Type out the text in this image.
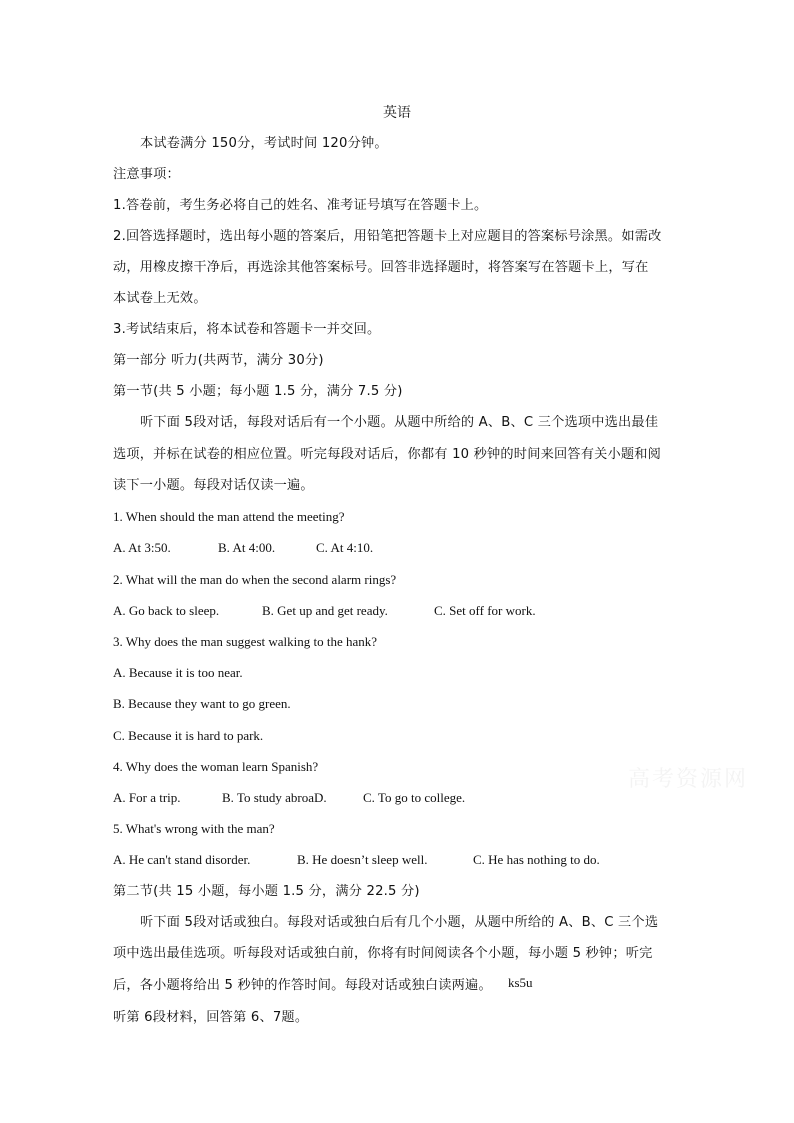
英语
本试卷满分 150分，考试时间 120分钟。
注意事项：
1.答卷前，考生务必将自己的姓名、准考证号填写在答题卡上。
2.回答选择题时，选出每小题的答案后，用铅笔把答题卡上对应题目的答案标号涂黑。如需改
动，用橡皮擦干净后，再选涂其他答案标号。回答非选择题时，将答案写在答题卡上，写在
本试卷上无效。
3.考试结束后，将本试卷和答题卡一并交回。
第一部分 听力(共两节，满分 30分)
第一节(共 5 小题；每小题 1.5 分，满分 7.5 分)
听下面 5段对话，每段对话后有一个小题。从题中所给的 A、B、C 三个选项中选出最佳
选项，并标在试卷的相应位置。听完每段对话后，你都有 10 秒钟的时间来回答有关小题和阅
读下一小题。每段对话仅读一遍。
1. When should the man attend the meeting?
A. At 3:50.	B. At 4:00.	C. At 4:10.
2. What will the man do when the second alarm rings?
A. Go back to sleep.	B. Get up and get ready.	C. Set off for work.
3. Why does the man suggest walking to the hank?
A. Because it is too near.
B. Because they want to go green.
C. Because it is hard to park.
4. Why does the woman learn Spanish?
A. For a trip.	B. To study abroaD.	C. To go to college.
5. What's wrong with the man?
A. He can't stand disorder.	B. He doesn’t sleep well.	C. He has nothing to do.
第二节(共 15 小题，每小题 1.5 分，满分 22.5 分)
听下面 5段对话或独白。每段对话或独白后有几个小题，从题中所给的 A、B、C 三个选
项中选出最佳选项。听每段对话或独白前，你将有时间阅读各个小题，每小题 5 秒钟；听完
后，各小题将给出 5 秒钟的作答时间。每段对话或独白读两遍。 ks5u
听第 6段材料，回答第 6、7题。
高考资源网
